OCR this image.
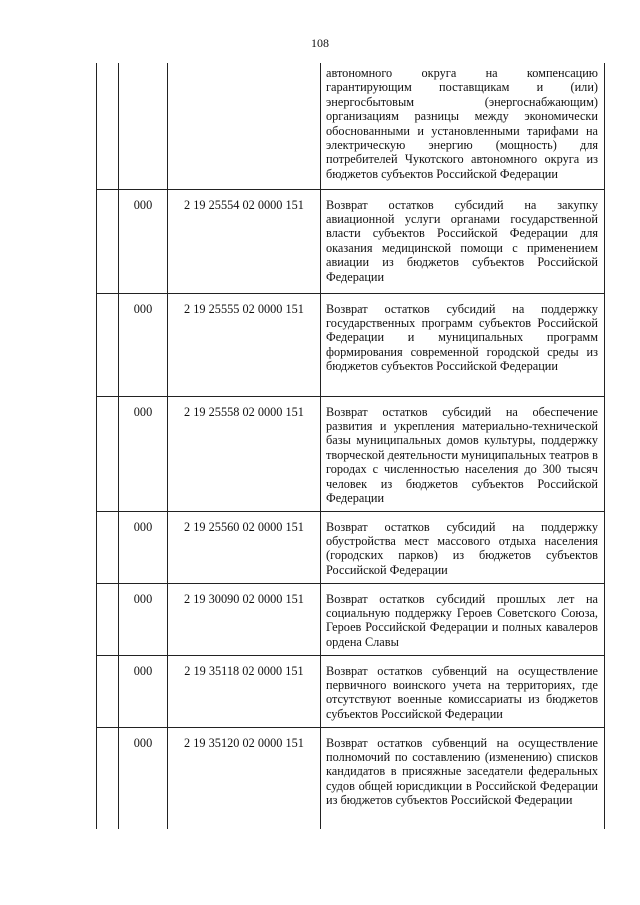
108
			автономного округа на компенсацию гарантирующим поставщикам и (или) энергосбытовым (энергоснабжающим) организациям разницы между экономически обоснованными и установленными тарифами на электрическую энергию (мощность) для потребителей Чукотского автономного округа из бюджетов субъектов Российской Федерации
	000	2 19 25554 02 0000 151	Возврат остатков субсидий на закупку авиационной услуги органами государственной власти субъектов Российской Федерации для оказания медицинской помощи с применением авиации из бюджетов субъектов Российской Федерации
	000	2 19 25555 02 0000 151	Возврат остатков субсидий на поддержку государственных программ субъектов Российской Федерации и муниципальных программ формирования современной городской среды из бюджетов субъектов Российской Федерации
	000	2 19 25558 02 0000 151	Возврат остатков субсидий на обеспечение развития и укрепления материально-технической базы муниципальных домов культуры, поддержку творческой деятельности муниципальных театров в городах с численностью населения до 300 тысяч человек из бюджетов субъектов Российской Федерации
	000	2 19 25560 02 0000 151	Возврат остатков субсидий на поддержку обустройства мест массового отдыха населения (городских парков) из бюджетов субъектов Российской Федерации
	000	2 19 30090 02 0000 151	Возврат остатков субсидий прошлых лет на социальную поддержку Героев Советского Союза, Героев Российской Федерации и полных кавалеров ордена Славы
	000	2 19 35118 02 0000 151	Возврат остатков субвенций на осуществление первичного воинского учета на территориях, где отсутствуют военные комиссариаты из бюджетов субъектов Российской Федерации
	000	2 19 35120 02 0000 151	Возврат остатков субвенций на осуществление полномочий по составлению (изменению) списков кандидатов в присяжные заседатели федеральных судов общей юрисдикции в Российской Федерации из бюджетов субъектов Российской Федерации
